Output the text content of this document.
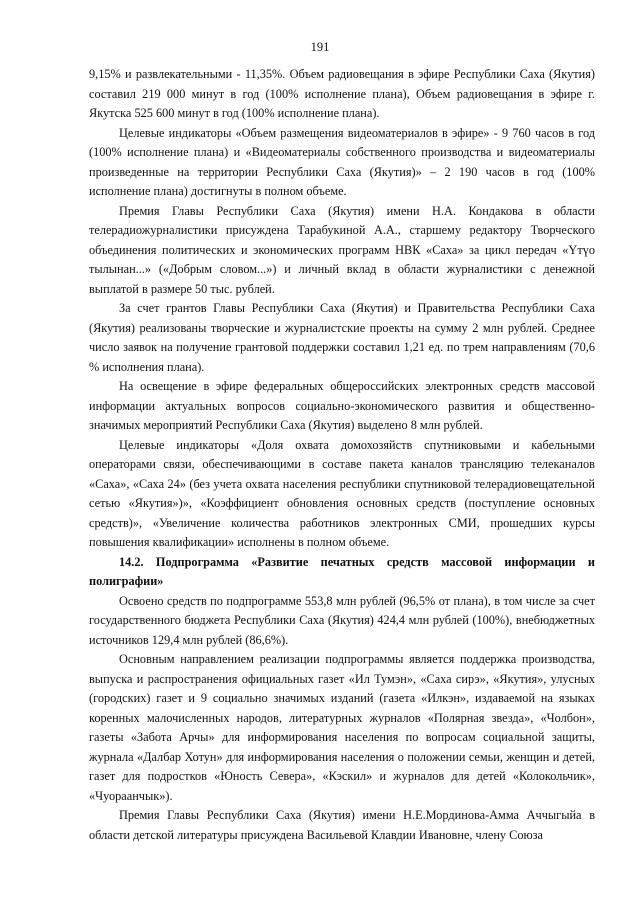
191

9,15% и развлекательными - 11,35%. Объем радиовещания в эфире Республики Саха (Якутия) составил 219 000 минут в год (100% исполнение плана), Объем радиовещания в эфире г. Якутска 525 600 минут в год (100% исполнение плана).

Целевые индикаторы «Объем размещения видеоматериалов в эфире» - 9 760 часов в год (100% исполнение плана) и «Видеоматериалы собственного производства и видеоматериалы произведенные на территории Республики Саха (Якутия)» – 2 190 часов в год (100% исполнение плана) достигнуты в полном объеме.

Премия Главы Республики Саха (Якутия) имени Н.А. Кондакова в области телерадиожурналистики присуждена Тарабукиной А.А., старшему редактору Творческого объединения политических и экономических программ НВК «Саха» за цикл передач «Үтүо тылынан...» («Добрым словом...») и личный вклад в области журналистики с денежной выплатой в размере 50 тыс. рублей.

За счет грантов Главы Республики Саха (Якутия) и Правительства Республики Саха (Якутия) реализованы творческие и журналистские проекты на сумму 2 млн рублей. Среднее число заявок на получение грантовой поддержки составил 1,21 ед. по трем направлениям (70,6 % исполнения плана).

На освещение в эфире федеральных общероссийских электронных средств массовой информации актуальных вопросов социально-экономического развития и общественно-значимых мероприятий Республики Саха (Якутия) выделено 8 млн рублей.

Целевые индикаторы «Доля охвата домохозяйств спутниковыми и кабельными операторами связи, обеспечивающими в составе пакета каналов трансляцию телеканалов «Саха», «Саха 24» (без учета охвата населения республики спутниковой телерадиовещательной сетью «Якутия»)», «Коэффициент обновления основных средств (поступление основных средств)», «Увеличение количества работников электронных СМИ, прошедших курсы повышения квалификации» исполнены в полном объеме.

14.2. Подпрограмма «Развитие печатных средств массовой информации и полиграфии»

Освоено средств по подпрограмме 553,8 млн рублей (96,5% от плана), в том числе за счет государственного бюджета Республики Саха (Якутия) 424,4 млн рублей (100%), внебюджетных источников 129,4 млн рублей (86,6%).

Основным направлением реализации подпрограммы является поддержка производства, выпуска и распространения официальных газет «Ил Тумэн», «Саха сирэ», «Якутия», улусных (городских) газет и 9 социально значимых изданий (газета «Илкэн», издаваемой на языках коренных малочисленных народов, литературных журналов «Полярная звезда», «Чолбон», газеты «Забота Арчы» для информирования населения по вопросам социальной защиты, журнала «Далбар Хотун» для информирования населения о положении семьи, женщин и детей, газет для подростков «Юность Севера», «Кэскил» и журналов для детей «Колокольчик», «Чуораанчык»).

Премия Главы Республики Саха (Якутия) имени Н.Е.Мординова-Амма Аччыгыйа в области детской литературы присуждена Васильевой Клавдии Ивановне, члену Союза
